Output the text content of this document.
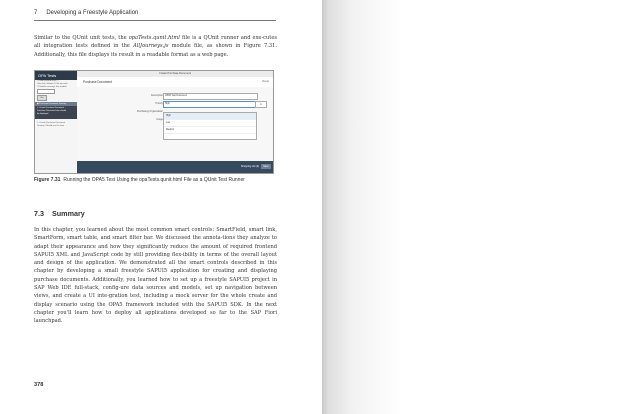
7 Developing a Freestyle Application
Similar to the QUnit unit tests, the opaTests.qunit.html file is a QUnit runner and exe-cutes all integration tests defined in the AllJourneys.js module file, as shown in Figure 7.31. Additionally, this file displays its result in a readable format as a web page.
OPA Tests
☐ Hide passed tests ☐
Check for Globals ☐ No try-catch
☐ Enable coverage Test module
Go
◼ Purchase Document Journey
1. Create Purchase Document
Purchase Document form should
be displayed
1. Create Purchase Document
Journey: Should see the form
Create Purchase Document
Purchase Document	Reset
Description OPA5 Test Document
Priority High	▾
Purchasing Organization
Image
High
Low
Medium
Shopping List (0)	Save
Figure 7.31 Running the OPA5 Test Using the opaTests.qunit.html File as a QUnit Test Runner
7.3 Summary
In this chapter, you learned about the most common smart controls: SmartField, smart link, SmartForm, smart table, and smart filter bar. We discussed the annota-tions they analyze to adapt their appearance and how they significantly reduce the amount of required frontend SAPUI5 XML and JavaScript code by still providing flex-ibility in terms of the overall layout and design of the application. We demonstrated all the smart controls described in this chapter by developing a small freestyle SAPUI5 application for creating and displaying purchase documents. Additionally, you learned how to set up a freestyle SAPUI5 project in SAP Web IDE full-stack, config-ure data sources and models, set up navigation between views, and create a UI inte-gration test, including a mock server for the whole create and display scenario using the OPA5 framework included with the SAPUI5 SDK. In the next chapter you'll learn how to deploy all applications developed so far to the SAP Fiori launchpad.
378
